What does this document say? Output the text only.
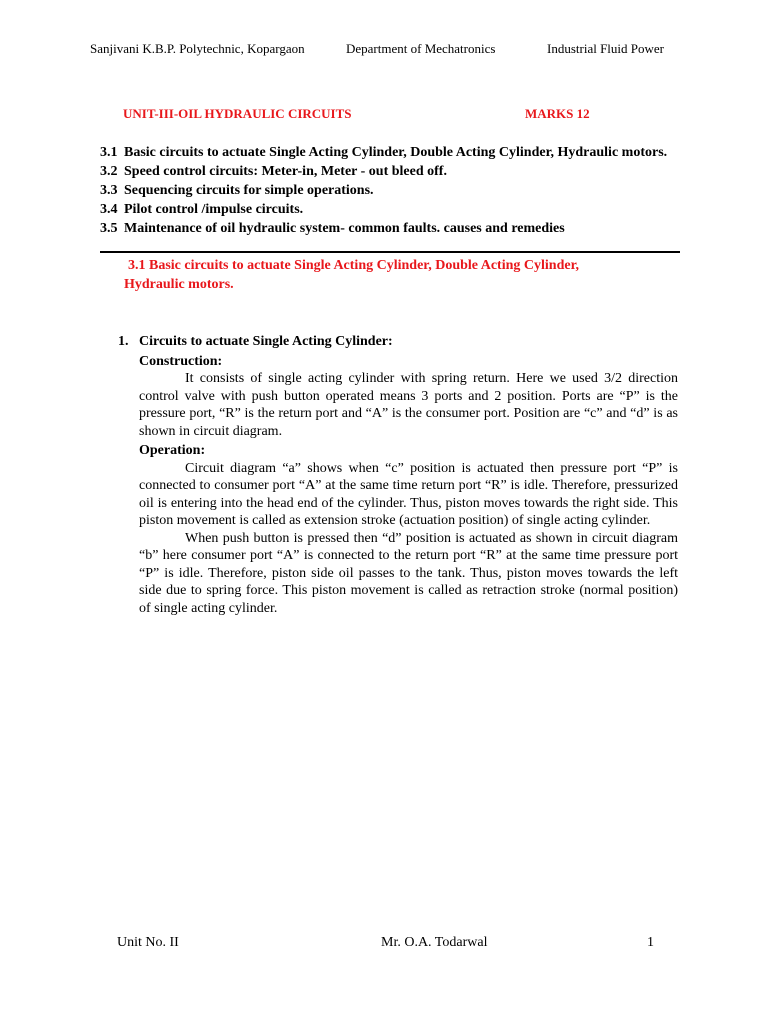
Sanjivani K.B.P. Polytechnic, Kopargaon	Department of Mechatronics	Industrial Fluid Power
UNIT-III-OIL HYDRAULIC CIRCUITS	MARKS 12
3.1 Basic circuits to actuate Single Acting Cylinder, Double Acting Cylinder, Hydraulic motors.
3.2 Speed control circuits: Meter-in, Meter - out bleed off.
3.3 Sequencing circuits for simple operations.
3.4 Pilot control /impulse circuits.
3.5 Maintenance of oil hydraulic system- common faults. causes and remedies
3.1 Basic circuits to actuate Single Acting Cylinder, Double Acting Cylinder,
Hydraulic motors.
1. Circuits to actuate Single Acting Cylinder:
Construction:
It consists of single acting cylinder with spring return. Here we used 3/2 direction control valve with push button operated means 3 ports and 2 position. Ports are “P” is the pressure port, “R” is the return port and “A” is the consumer port. Position are “c” and “d” is as shown in circuit diagram.
Operation:
Circuit diagram “a” shows when “c” position is actuated then pressure port “P” is connected to consumer port “A” at the same time return port “R” is idle. Therefore, pressurized oil is entering into the head end of the cylinder. Thus, piston moves towards the right side. This piston movement is called as extension stroke (actuation position) of single acting cylinder.
When push button is pressed then “d” position is actuated as shown in circuit diagram “b” here consumer port “A” is connected to the return port “R” at the same time pressure port “P” is idle. Therefore, piston side oil passes to the tank. Thus, piston moves towards the left side due to spring force. This piston movement is called as retraction stroke (normal position) of single acting cylinder.
Unit No. II	Mr. O.A. Todarwal	1
